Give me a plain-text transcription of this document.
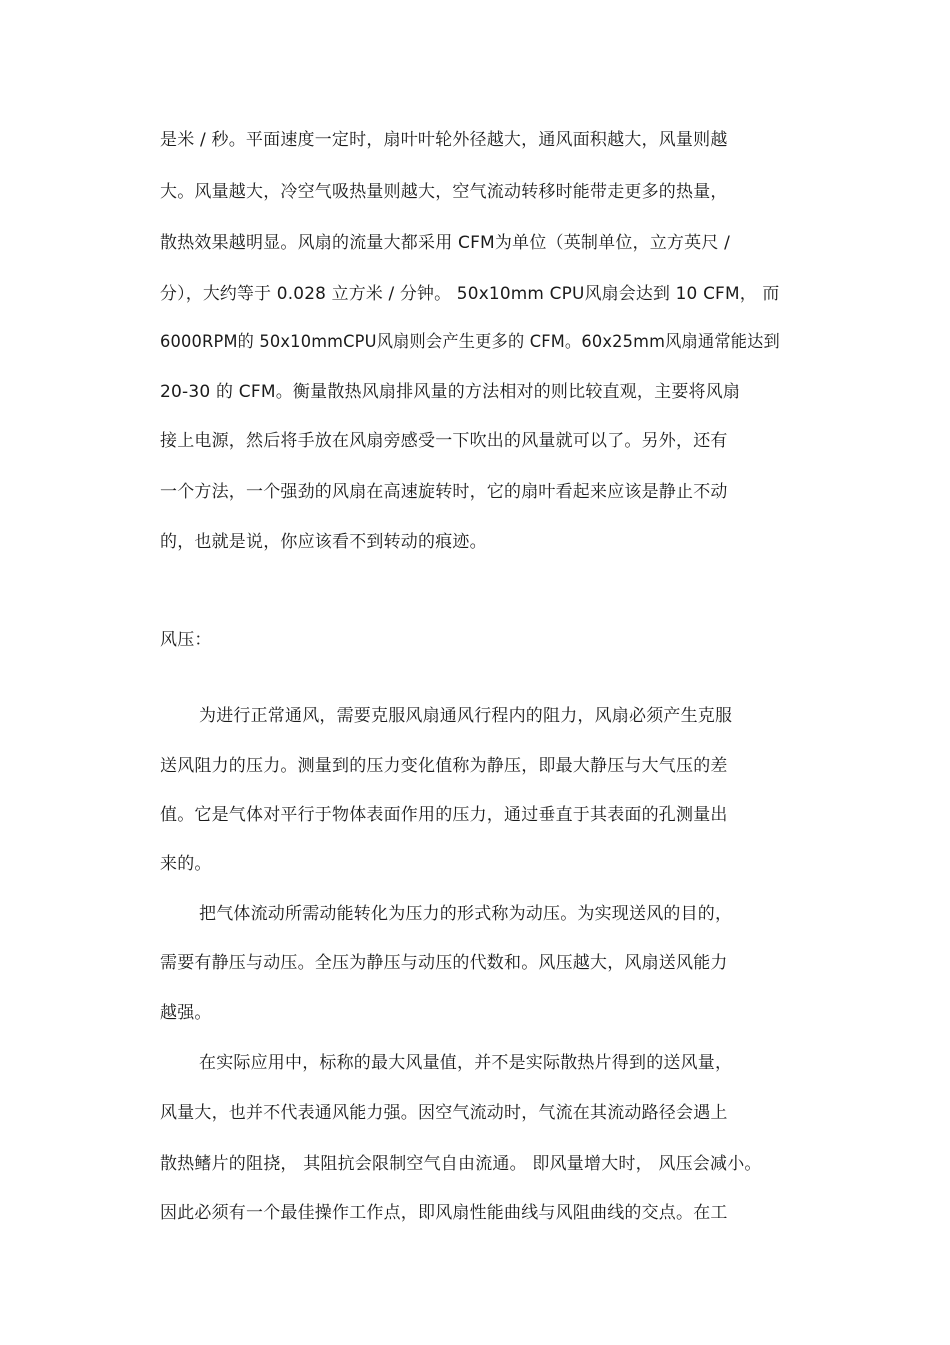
是米 / 秒。平面速度一定时，扇叶叶轮外径越大，通风面积越大，风量则越
大。风量越大，冷空气吸热量则越大，空气流动转移时能带走更多的热量，
散热效果越明显。风扇的流量大都采用 CFM为单位（英制单位，立方英尺 /
分），大约等于 0.028 立方米 / 分钟。 50x10mm CPU风扇会达到 10 CFM， 而
6000RPM的 50x10mmCPU风扇则会产生更多的 CFM。60x25mm风扇通常能达到
20-30 的 CFM。衡量散热风扇排风量的方法相对的则比较直观，主要将风扇
接上电源，然后将手放在风扇旁感受一下吹出的风量就可以了。另外，还有
一个方法，一个强劲的风扇在高速旋转时，它的扇叶看起来应该是静止不动
的，也就是说，你应该看不到转动的痕迹。
风压：
为进行正常通风，需要克服风扇通风行程内的阻力，风扇必须产生克服
送风阻力的压力。测量到的压力变化值称为静压，即最大静压与大气压的差
值。它是气体对平行于物体表面作用的压力，通过垂直于其表面的孔测量出
来的。
把气体流动所需动能转化为压力的形式称为动压。为实现送风的目的，
需要有静压与动压。全压为静压与动压的代数和。风压越大，风扇送风能力
越强。
在实际应用中，标称的最大风量值，并不是实际散热片得到的送风量，
风量大，也并不代表通风能力强。因空气流动时，气流在其流动路径会遇上
散热鳍片的阻挠， 其阻抗会限制空气自由流通。 即风量增大时， 风压会减小。
因此必须有一个最佳操作工作点，即风扇性能曲线与风阻曲线的交点。在工
